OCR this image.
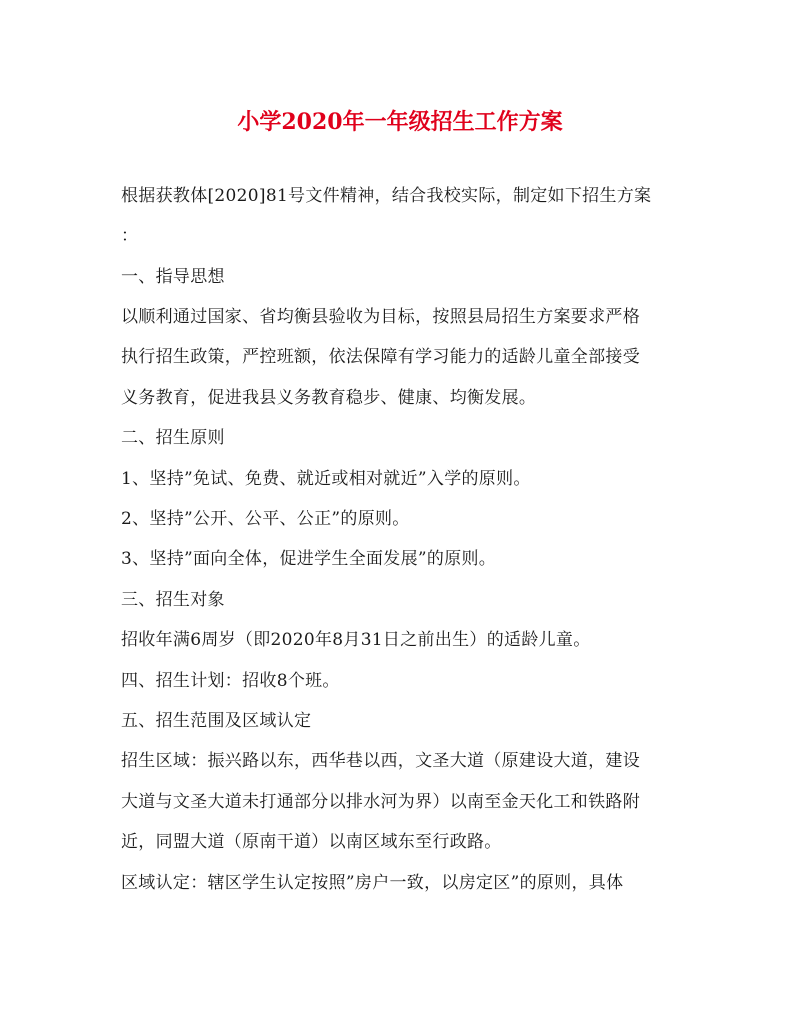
小学2020年一年级招生工作方案
根据获教体[2020]81号文件精神，结合我校实际，制定如下招生方案
：
一、指导思想
以顺利通过国家、省均衡县验收为目标，按照县局招生方案要求严格
执行招生政策，严控班额，依法保障有学习能力的适龄儿童全部接受
义务教育，促进我县义务教育稳步、健康、均衡发展。
二、招生原则
1、坚持”免试、免费、就近或相对就近”入学的原则。
2、坚持”公开、公平、公正”的原则。
3、坚持”面向全体，促进学生全面发展”的原则。
三、招生对象
招收年满6周岁（即2020年8月31日之前出生）的适龄儿童。
四、招生计划：招收8个班。
五、招生范围及区域认定
招生区域：振兴路以东，西华巷以西，文圣大道（原建设大道，建设
大道与文圣大道未打通部分以排水河为界）以南至金天化工和铁路附
近，同盟大道（原南干道）以南区域东至行政路。
区域认定：辖区学生认定按照”房户一致，以房定区”的原则，具体
